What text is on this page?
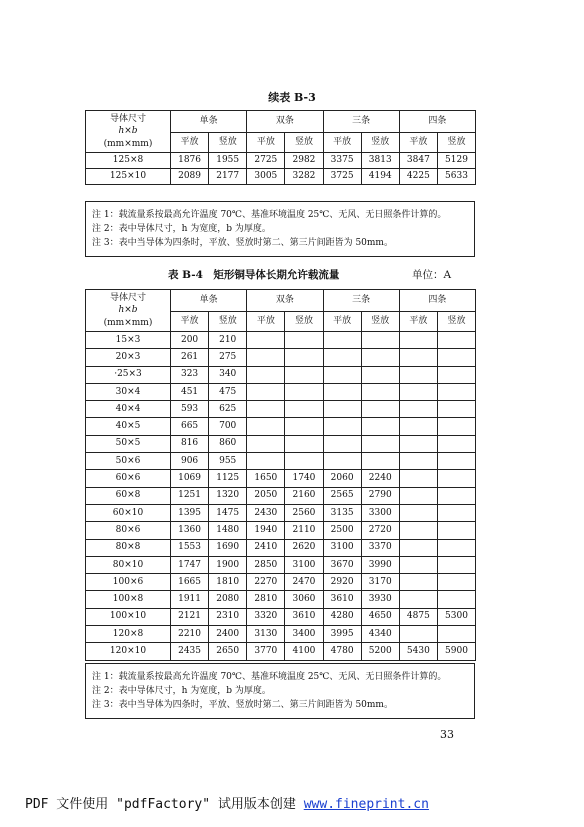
续表 B-3
导体尺寸
h×b
(mm×mm)	单条		双条		三条		四条	
	平放	竖放	平放	竖放	平放	竖放	平放	竖放
125×8	1876	1955	2725	2982	3375	3813	3847	5129
125×10	2089	2177	3005	3282	3725	4194	4225	5633
注 1：载流量系按最高允许温度 70℃、基准环境温度 25℃、无风、无日照条件计算的。
注 2：表中导体尺寸，h 为宽度，b 为厚度。
注 3：表中当导体为四条时，平放、竖放时第二、第三片间距皆为 50mm。
表 B-4　矩形铜导体长期允许载流量	单位：A
导体尺寸
h×b
(mm×mm)	单条		双条		三条		四条	
	平放	竖放	平放	竖放	平放	竖放	平放	竖放
15×3	200	210						
20×3	261	275						
·25×3	323	340						
30×4	451	475						
40×4	593	625						
40×5	665	700						
50×5	816	860						
50×6	906	955						
60×6	1069	1125	1650	1740	2060	2240		
60×8	1251	1320	2050	2160	2565	2790		
60×10	1395	1475	2430	2560	3135	3300		
80×6	1360	1480	1940	2110	2500	2720		
80×8	1553	1690	2410	2620	3100	3370		
80×10	1747	1900	2850	3100	3670	3990		
100×6	1665	1810	2270	2470	2920	3170		
100×8	1911	2080	2810	3060	3610	3930		
100×10	2121	2310	3320	3610	4280	4650	4875	5300
120×8	2210	2400	3130	3400	3995	4340		
120×10	2435	2650	3770	4100	4780	5200	5430	5900
注 1：载流量系按最高允许温度 70℃、基准环境温度 25℃、无风、无日照条件计算的。
注 2：表中导体尺寸，h 为宽度，b 为厚度。
注 3：表中当导体为四条时，平放、竖放时第二、第三片间距皆为 50mm。
33
PDF 文件使用 "pdfFactory" 试用版本创建 www.fineprint.cn
